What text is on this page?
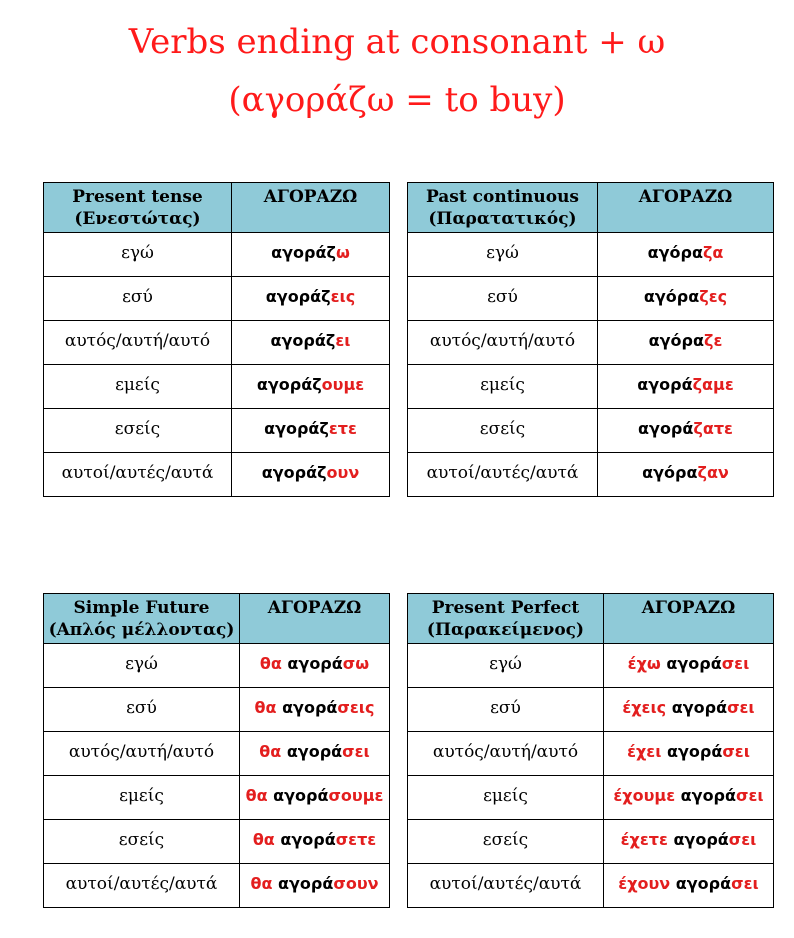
Verbs ending at consonant + ω
(αγοράζω = to buy)
Present tense
(Ενεστώτας)	ΑΓΟΡΑΖΩ
εγώ	αγοράζω
εσύ	αγοράζεις
αυτός/αυτή/αυτό	αγοράζει
εμείς	αγοράζουμε
εσείς	αγοράζετε
αυτοί/αυτές/αυτά	αγοράζουν
Past continuous
(Παρατατικός)	ΑΓΟΡΑΖΩ
εγώ	αγόραζα
εσύ	αγόραζες
αυτός/αυτή/αυτό	αγόραζε
εμείς	αγοράζαμε
εσείς	αγοράζατε
αυτοί/αυτές/αυτά	αγόραζαν
Simple Future
(Απλός μέλλοντας)	ΑΓΟΡΑΖΩ
εγώ	θα αγοράσω
εσύ	θα αγοράσεις
αυτός/αυτή/αυτό	θα αγοράσει
εμείς	θα αγοράσουμε
εσείς	θα αγοράσετε
αυτοί/αυτές/αυτά	θα αγοράσουν
Present Perfect
(Παρακείμενος)	ΑΓΟΡΑΖΩ
εγώ	έχω αγοράσει
εσύ	έχεις αγοράσει
αυτός/αυτή/αυτό	έχει αγοράσει
εμείς	έχουμε αγοράσει
εσείς	έχετε αγοράσει
αυτοί/αυτές/αυτά	έχουν αγοράσει
